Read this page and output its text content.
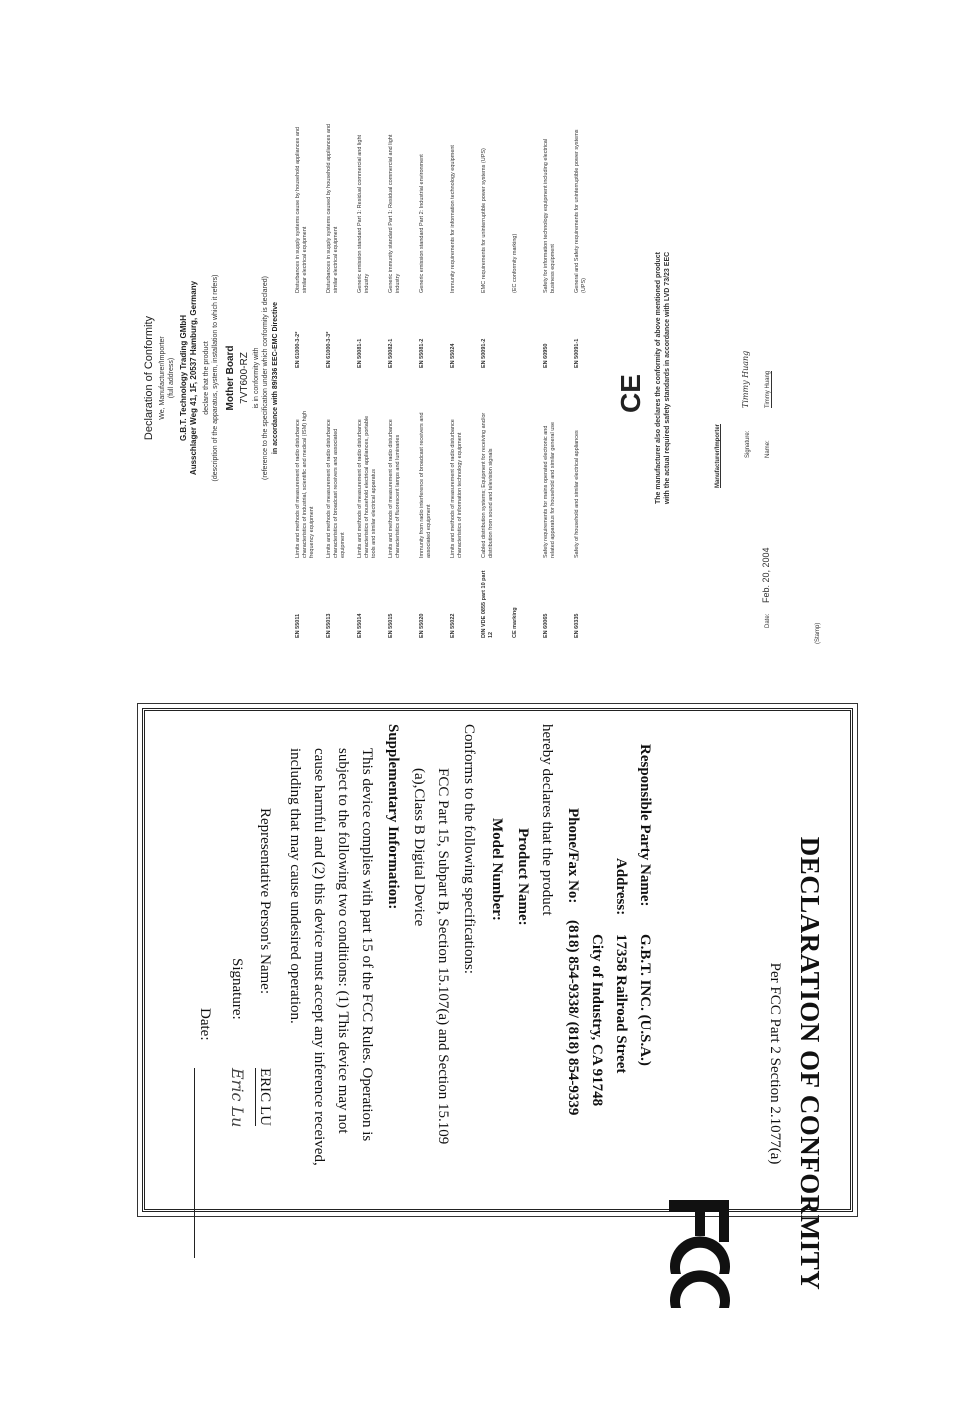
Declaration of Conformity We, Manufacturer/Importer (full address) G.B.T. Technology Trading GMbH Ausschlager Weg 41, 1F, 20537 Hamburg, Germany declare that the product (description of the apparatus, system, installation to which it refers) Mother Board 7VT600-RZ is in conformity with (reference to the specification under which conformity is declared) in accordance with 89/336 EEC-EMC Directive
EN 55011
Limits and methods of measurement of radio disturbance characteristics of industrial, scientific and medical (ISM) high frequency equipment
EN 61000-3-2*
Disturbances in supply systems cause by household appliances and similar electrical equipment
EN 55013
Limits and methods of measurement of radio disturbance characteristics of broadcast receivers and associated equipment
EN 61000-3-3*
Disturbances in supply systems caused by household appliances and similar electrical equipment
EN 55014
Limits and methods of measurement of radio disturbance characteristics of household electrical appliances, portable tools and similar electrical apparatus
EN 50081-1
Generic emission standard Part 1: Residual commercial and light industry
EN 55015
Limits and methods of measurement of radio disturbance characteristics of fluorescent lamps and luminaries
EN 50082-1
Generic immunity standard Part 1: Residual commercial and light industry
EN 55020
Immunity from radio interference of broadcast receivers and associated equipment
EN 55081-2
Generic emission standard Part 2: Industrial environment
EN 55022
Limits and methods of measurement of radio disturbance characteristics of information technology equipment
EN 55024
Immunity requirements for information technology equipment
DIN VDE 0855 part 10 part 12
Cabled distribution systems; Equipment for receiving and/or distribution from sound and television signals
EN 50091-2
EMC requirements for uninterruptible power systems (UPS)
CE marking
(EC conformity marking)
EN 60065
Safety requirements for mains operated electronic and related apparatus for household and similar general use
EN 60950
Safety for information technology equipment including electrical business equipment
EN 60335
Safety of household and similar electrical appliances
EN 50091-1
General and Safety requirements for uninterruptible power systems (UPS)
CE The manufacturer also declares the conformity of above mentioned product with the actual required safety standards in accordance with LVD 73/23 EEC	Manufacturer/Importer	Signature:
Timmy Huang
Name:
Timmy Huang
Date:
Feb. 20, 2004
(Stamp)
DECLARATION OF CONFORMITY
Per FCC Part 2 Section 2.1077(a)
Responsible Party Name:
G.B.T. INC. (U.S.A.)
Address:
17358 Railroad Street
City of Industry, CA 91748
Phone/Fax No:
(818) 854-9338/ (818) 854-9339
hereby declares that the product
Product Name:
Model Number:
Conforms to the following specifications:
FCC Part 15, Subpart B, Section 15.107(a) and Section 15.109
(a),Class B Digital Device
Supplementary Information:
This device complies with part 15 of the FCC Rules. Operation is
subject to the following two conditions: (1) This device may not
cause harmful and (2) this device must accept any inference received,
including that may cause undesired operation.
Representative Person's Name:
ERIC LU
Signature:
Eric Lu
Date:
